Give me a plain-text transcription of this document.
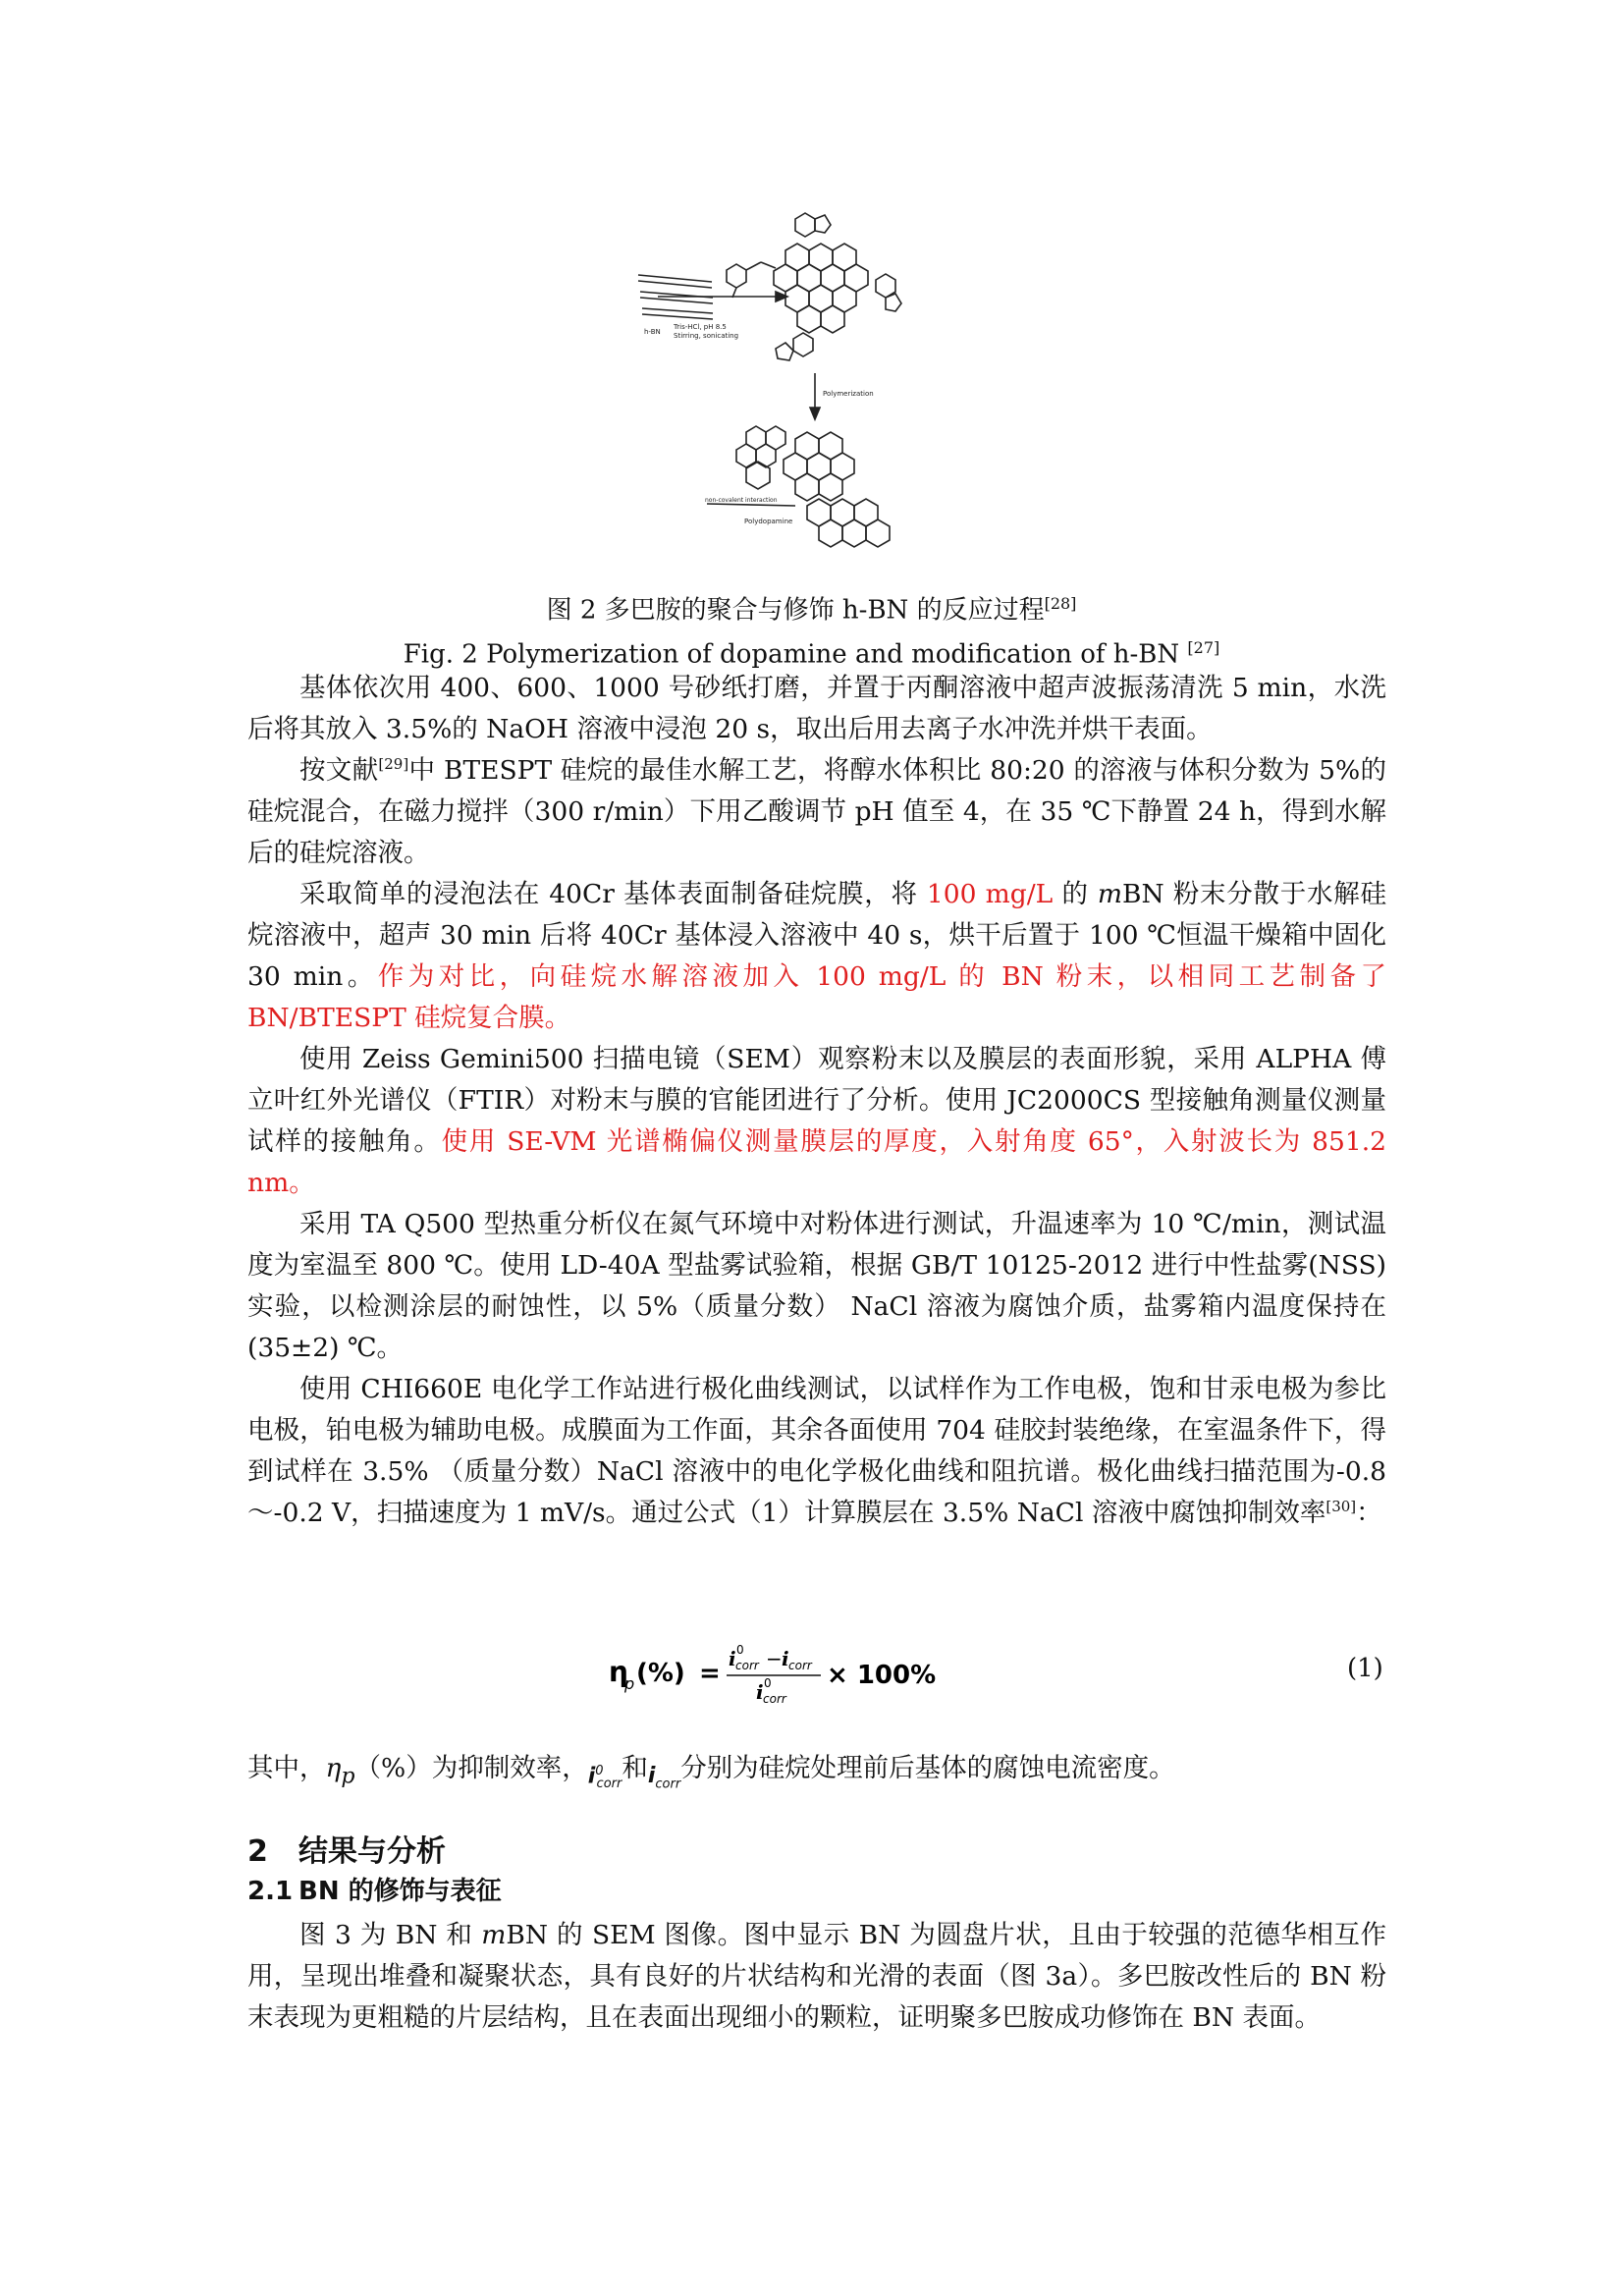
Tris-HCl, pH 8.5
Stirring, sonicating
h-BN
Polymerization
non-covalent interaction
Polydopamine
图 2 多巴胺的聚合与修饰 h-BN 的反应过程[28]
Fig. 2 Polymerization of dopamine and modification of h-BN [27]

基体依次用 400、600、1000 号砂纸打磨，并置于丙酮溶液中超声波振荡清洗 5 min，水洗后将其放入 3.5%的 NaOH 溶液中浸泡 20 s，取出后用去离子水冲洗并烘干表面。

按文献[29]中 BTESPT 硅烷的最佳水解工艺，将醇水体积比 80:20 的溶液与体积分数为 5%的硅烷混合，在磁力搅拌（300 r/min）下用乙酸调节 pH 值至 4，在 35 ℃下静置 24 h，得到水解后的硅烷溶液。

采取简单的浸泡法在 40Cr 基体表面制备硅烷膜，将 100 mg/L 的 mBN 粉末分散于水解硅烷溶液中，超声 30 min 后将 40Cr 基体浸入溶液中 40 s，烘干后置于 100 ℃恒温干燥箱中固化 30 min。作为对比，向硅烷水解溶液加入 100 mg/L 的 BN 粉末，以相同工艺制备了 BN/BTESPT 硅烷复合膜。

使用 Zeiss Gemini500 扫描电镜（SEM）观察粉末以及膜层的表面形貌，采用 ALPHA 傅立叶红外光谱仪（FTIR）对粉末与膜的官能团进行了分析。使用 JC2000CS 型接触角测量仪测量试样的接触角。使用 SE-VM 光谱椭偏仪测量膜层的厚度，入射角度 65°，入射波长为 851.2 nm。

采用 TA Q500 型热重分析仪在氮气环境中对粉体进行测试，升温速率为 10 ℃/min，测试温度为室温至 800 ℃。使用 LD-40A 型盐雾试验箱，根据 GB/T 10125-2012 进行中性盐雾(NSS)实验，以检测涂层的耐蚀性，以 5%（质量分数） NaCl 溶液为腐蚀介质，盐雾箱内温度保持在(35±2) ℃。

使用 CHI660E 电化学工作站进行极化曲线测试，以试样作为工作电极，饱和甘汞电极为参比电极，铂电极为辅助电极。成膜面为工作面，其余各面使用 704 硅胶封装绝缘，在室温条件下，得到试样在 3.5% （质量分数）NaCl 溶液中的电化学极化曲线和阻抗谱。极化曲线扫描范围为-0.8～-0.2 V，扫描速度为 1 mV/s。通过公式（1）计算膜层在 3.5% NaCl 溶液中腐蚀抑制效率[30]：

η
p (%) = i 0
corr − i corr
i 0
corr
× 100%	(1)
其中，$\eta_p(\%)$为抑制效率，$i^0_{corr}$和$i_{corr}$分别为硅烷处理前后基体的腐蚀电流密度。
2 结果与分析
2.1 BN 的修饰与表征

图 3 为 BN 和 mBN 的 SEM 图像。图中显示 BN 为圆盘片状，且由于较强的范德华相互作用，呈现出堆叠和凝聚状态，具有良好的片状结构和光滑的表面（图 3a）。多巴胺改性后的 BN 粉末表现为更粗糙的片层结构，且在表面出现细小的颗粒，证明聚多巴胺成功修饰在 BN 表面。
